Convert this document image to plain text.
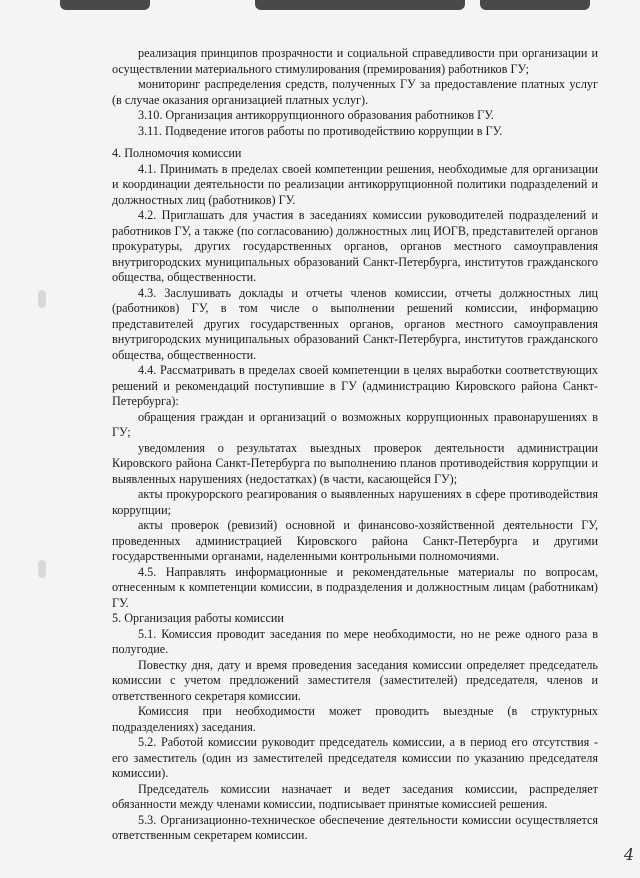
реализация принципов прозрачности и социальной справедливости при организации и осуществлении материального стимулирования (премирования) работников ГУ;

мониторинг распределения средств, полученных ГУ за предоставление платных услуг (в случае оказания организацией платных услуг).

3.10. Организация антикоррупционного образования работников ГУ.

3.11. Подведение итогов работы по противодействию коррупции в ГУ.

4. Полномочия комиссии

4.1. Принимать в пределах своей компетенции решения, необходимые для организации и координации деятельности по реализации антикоррупционной политики подразделений и должностных лиц (работников) ГУ.

4.2. Приглашать для участия в заседаниях комиссии руководителей подразделений и работников ГУ, а также (по согласованию) должностных лиц ИОГВ, представителей органов прокуратуры, других государственных органов, органов местного самоуправления внутригородских муниципальных образований Санкт-Петербурга, институтов гражданского общества, общественности.

4.3. Заслушивать доклады и отчеты членов комиссии, отчеты должностных лиц (работников) ГУ, в том числе о выполнении решений комиссии, информацию представителей других государственных органов, органов местного самоуправления внутригородских муниципальных образований Санкт-Петербурга, институтов гражданского общества, общественности.

4.4. Рассматривать в пределах своей компетенции в целях выработки соответствующих решений и рекомендаций поступившие в ГУ (администрацию Кировского района Санкт-Петербурга):

обращения граждан и организаций о возможных коррупционных правонарушениях в ГУ;

уведомления о результатах выездных проверок деятельности администрации Кировского района Санкт-Петербурга по выполнению планов противодействия коррупции и выявленных нарушениях (недостатках) (в части, касающейся ГУ);

акты прокурорского реагирования о выявленных нарушениях в сфере противодействия коррупции;

акты проверок (ревизий) основной и финансово-хозяйственной деятельности ГУ, проведенных администрацией Кировского района Санкт-Петербурга и другими государственными органами, наделенными контрольными полномочиями.

4.5. Направлять информационные и рекомендательные материалы по вопросам, отнесенным к компетенции комиссии, в подразделения и должностным лицам (работникам) ГУ.

5. Организация работы комиссии

5.1. Комиссия проводит заседания по мере необходимости, но не реже одного раза в полугодие.

Повестку дня, дату и время проведения заседания комиссии определяет председатель комиссии с учетом предложений заместителя (заместителей) председателя, членов и ответственного секретаря комиссии.

Комиссия при необходимости может проводить выездные (в структурных подразделениях) заседания.

5.2. Работой комиссии руководит председатель комиссии, а в период его отсутствия - его заместитель (один из заместителей председателя комиссии по указанию председателя комиссии).

Председатель комиссии назначает и ведет заседания комиссии, распределяет обязанности между членами комиссии, подписывает принятые комиссией решения.

5.3. Организационно-техническое обеспечение деятельности комиссии осуществляется ответственным секретарем комиссии.

4
